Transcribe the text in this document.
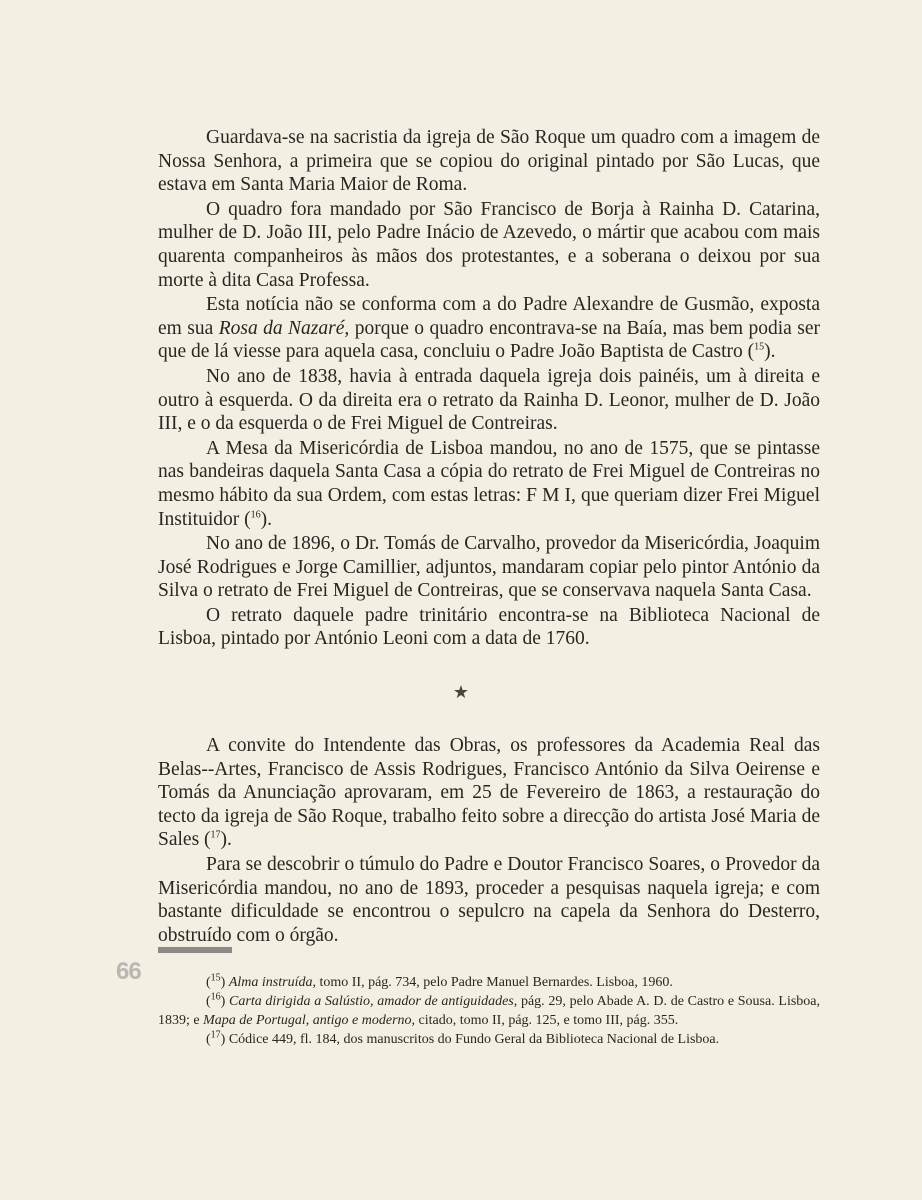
Guardava-se na sacristia da igreja de São Roque um quadro com a imagem de Nossa Senhora, a primeira que se copiou do original pintado por São Lucas, que estava em Santa Maria Maior de Roma.

O quadro fora mandado por São Francisco de Borja à Rainha D. Catarina, mulher de D. João III, pelo Padre Inácio de Azevedo, o mártir que acabou com mais quarenta companheiros às mãos dos protestantes, e a soberana o deixou por sua morte à dita Casa Professa.

Esta notícia não se conforma com a do Padre Alexandre de Gusmão, exposta em sua Rosa da Nazaré, porque o quadro encontrava-se na Baía, mas bem podia ser que de lá viesse para aquela casa, concluiu o Padre João Baptista de Castro ($^{15}$).

No ano de 1838, havia à entrada daquela igreja dois painéis, um à direita e outro à esquerda. O da direita era o retrato da Rainha D. Leonor, mulher de D. João III, e o da esquerda o de Frei Miguel de Contreiras.

A Mesa da Misericórdia de Lisboa mandou, no ano de 1575, que se pintasse nas bandeiras daquela Santa Casa a cópia do retrato de Frei Miguel de Contreiras no mesmo hábito da sua Ordem, com estas letras: F M I, que queriam dizer Frei Miguel Instituidor ($^{16}$).

No ano de 1896, o Dr. Tomás de Carvalho, provedor da Misericórdia, Joaquim José Rodrigues e Jorge Camillier, adjuntos, mandaram copiar pelo pintor António da Silva o retrato de Frei Miguel de Contreiras, que se conservava naquela Santa Casa.

O retrato daquele padre trinitário encontra-se na Biblioteca Nacional de Lisboa, pintado por António Leoni com a data de 1760.

★

A convite do Intendente das Obras, os professores da Academia Real das Belas--Artes, Francisco de Assis Rodrigues, Francisco António da Silva Oeirense e Tomás da Anunciação aprovaram, em 25 de Fevereiro de 1863, a restauração do tecto da igreja de São Roque, trabalho feito sobre a direcção do artista José Maria de Sales ($^{17}$).

Para se descobrir o túmulo do Padre e Doutor Francisco Soares, o Provedor da Misericórdia mandou, no ano de 1893, proceder a pesquisas naquela igreja; e com bastante dificuldade se encontrou o sepulcro na capela da Senhora do Desterro, obstruído com o órgão.

66	($^{15}$) Alma instruída, tomo II, pág. 734, pelo Padre Manuel Bernardes. Lisboa, 1960.

($^{16}$) Carta dirigida a Salústio, amador de antiguidades, pág. 29, pelo Abade A. D. de Castro e Sousa. Lisboa, 1839; e Mapa de Portugal, antigo e moderno, citado, tomo II, pág. 125, e tomo III, pág. 355.

($^{17}$) Códice 449, fl. 184, dos manuscritos do Fundo Geral da Biblioteca Nacional de Lisboa.
